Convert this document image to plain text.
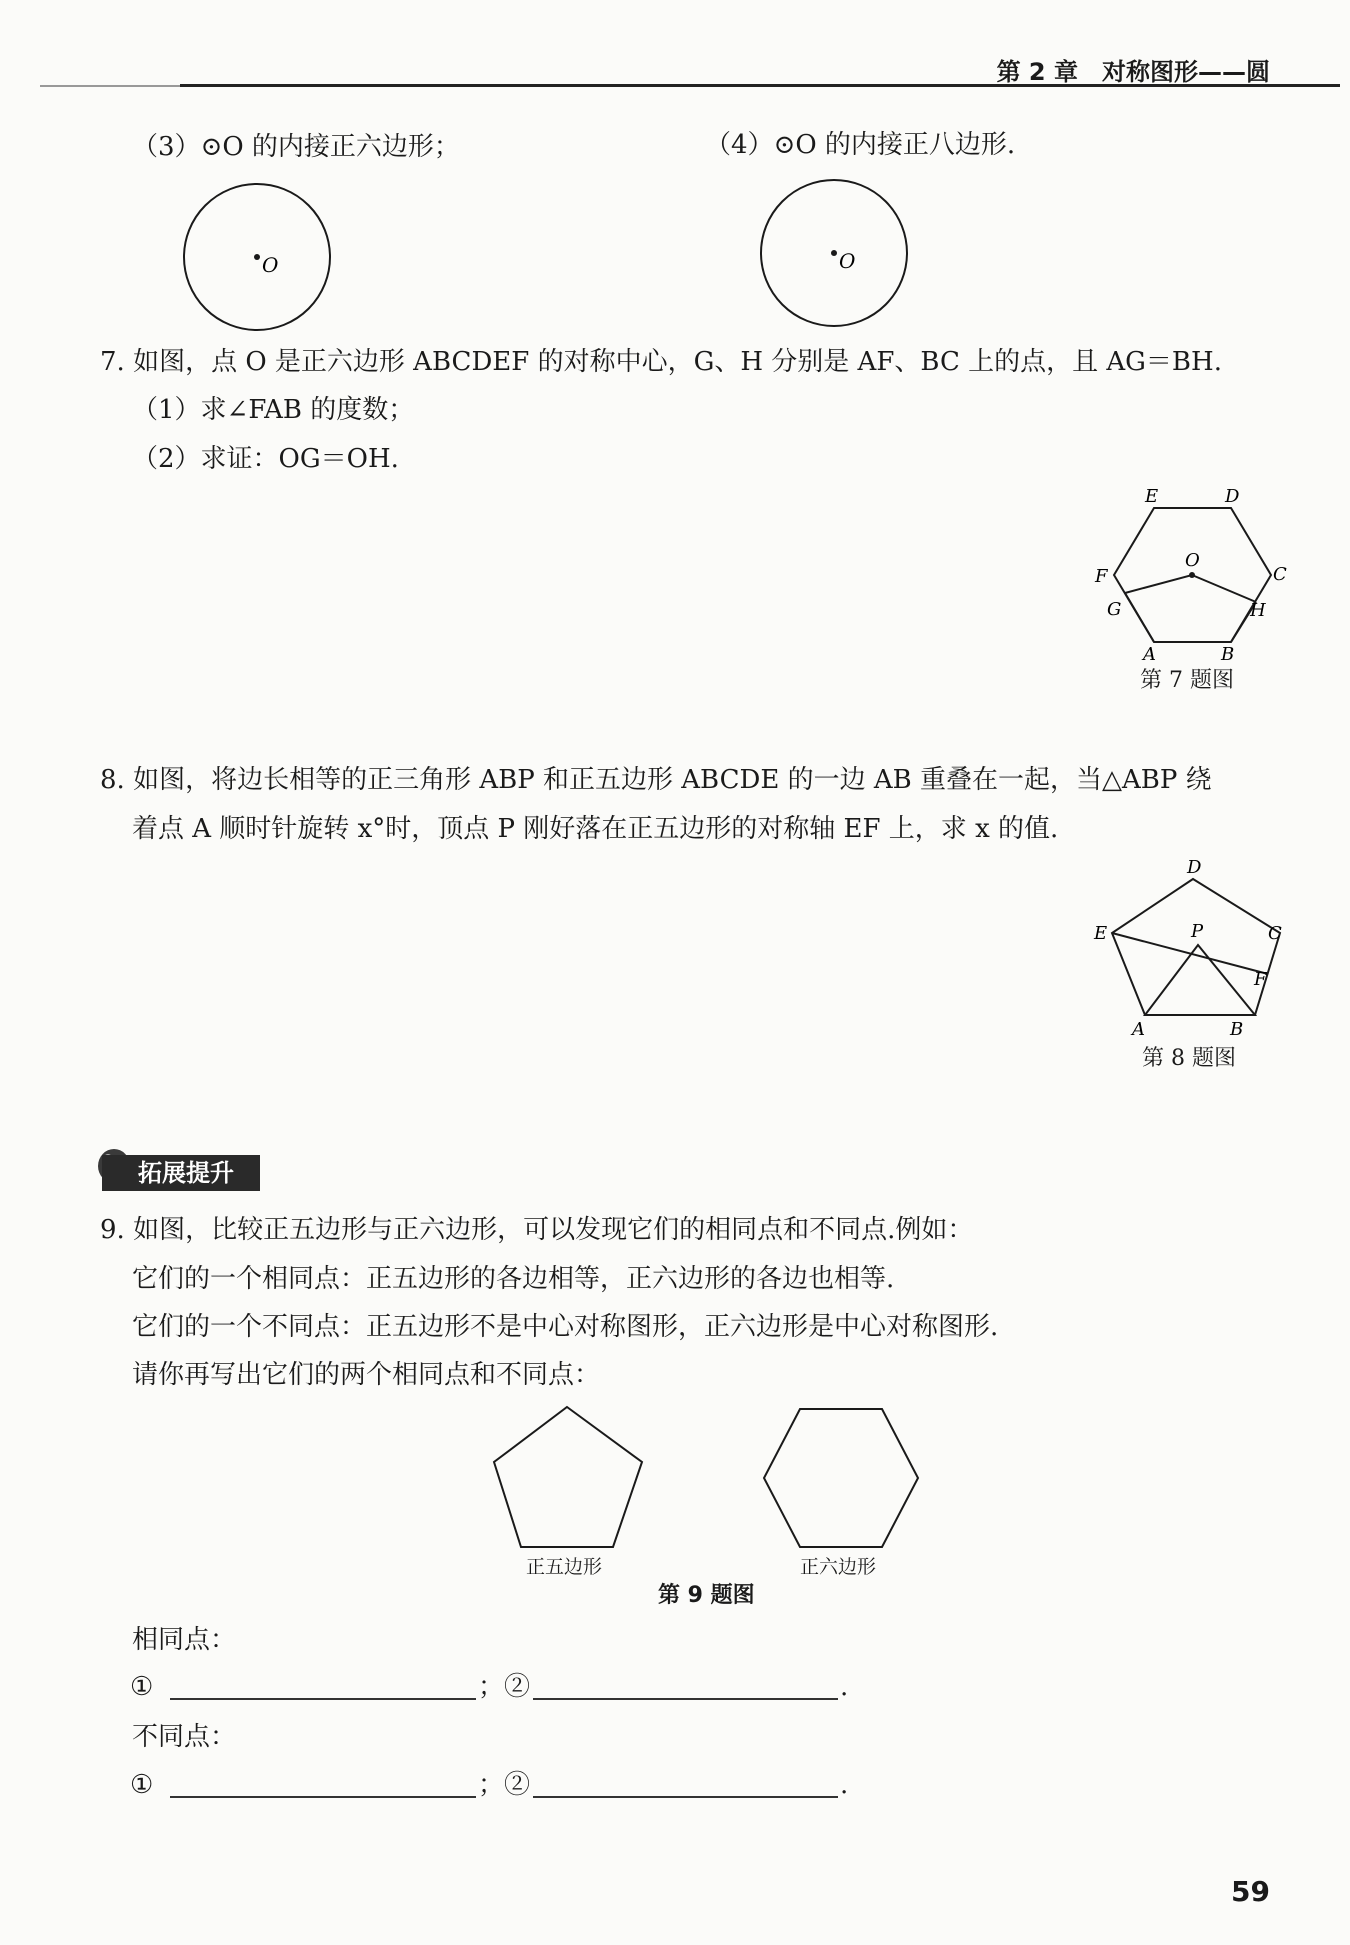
第 2 章　对称图形——圆
（3）⊙O 的内接正六边形；	（4）⊙O 的内接正八边形.
O	O
7. 如图，点 O 是正六边形 ABCDEF 的对称中心，G、H 分别是 AF、BC 上的点，且 AG＝BH.
（1）求∠FAB 的度数；
（2）求证：OG＝OH.
E	D
F	C
O
G	H
A	B
第 7 题图
8. 如图，将边长相等的正三角形 ABP 和正五边形 ABCDE 的一边 AB 重叠在一起，当△ABP 绕
着点 A 顺时针旋转 x°时，顶点 P 刚好落在正五边形的对称轴 EF 上，求 x 的值.
D
E	P	C
F
A	B
第 8 题图
拓展提升
9. 如图，比较正五边形与正六边形，可以发现它们的相同点和不同点.例如：
它们的一个相同点：正五边形的各边相等，正六边形的各边也相等.
它们的一个不同点：正五边形不是中心对称图形，正六边形是中心对称图形.
请你再写出它们的两个相同点和不同点：
正五边形	正六边形
第 9 题图
相同点：
①	；②	.
不同点：
①	；②	.
59
